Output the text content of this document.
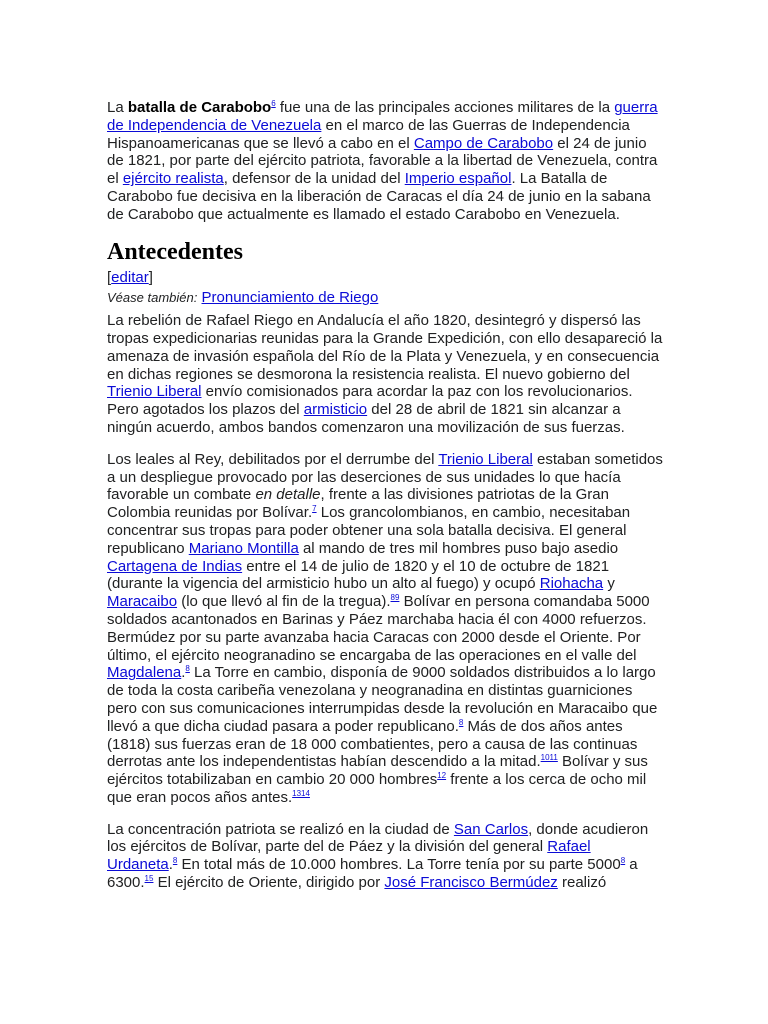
La batalla de Carabobo$^6$ fue una de las principales acciones militares de la guerra de Independencia de Venezuela en el marco de las Guerras de Independencia Hispanoamericanas que se llevó a cabo en el Campo de Carabobo el 24 de junio de 1821, por parte del ejército patriota, favorable a la libertad de Venezuela, contra el ejército realista, defensor de la unidad del Imperio español. La Batalla de Carabobo fue decisiva en la liberación de Caracas el día 24 de junio en la sabana de Carabobo que actualmente es llamado el estado Carabobo en Venezuela.

Antecedentes
[editar]
Véase también: Pronunciamiento de Riego

La rebelión de Rafael Riego en Andalucía el año 1820, desintegró y dispersó las tropas expedicionarias reunidas para la Grande Expedición, con ello desapareció la amenaza de invasión española del Río de la Plata y Venezuela, y en consecuencia en dichas regiones se desmorona la resistencia realista. El nuevo gobierno del Trienio Liberal envío comisionados para acordar la paz con los revolucionarios. Pero agotados los plazos del armisticio del 28 de abril de 1821 sin alcanzar a ningún acuerdo, ambos bandos comenzaron una movilización de sus fuerzas.

Los leales al Rey, debilitados por el derrumbe del Trienio Liberal estaban sometidos a un despliegue provocado por las deserciones de sus unidades lo que hacía favorable un combate en detalle, frente a las divisiones patriotas de la Gran Colombia reunidas por Bolívar.$^7$ Los grancolombianos, en cambio, necesitaban concentrar sus tropas para poder obtener una sola batalla decisiva. El general republicano Mariano Montilla al mando de tres mil hombres puso bajo asedio Cartagena de Indias entre el 14 de julio de 1820 y el 10 de octubre de 1821 (durante la vigencia del armisticio hubo un alto al fuego) y ocupó Riohacha y Maracaibo (lo que llevó al fin de la tregua).$^{89}$ Bolívar en persona comandaba 5000 soldados acantonados en Barinas y Páez marchaba hacia él con 4000 refuerzos. Bermúdez por su parte avanzaba hacia Caracas con 2000 desde el Oriente. Por último, el ejército neogranadino se encargaba de las operaciones en el valle del Magdalena.$^8$ La Torre en cambio, disponía de 9000 soldados distribuidos a lo largo de toda la costa caribeña venezolana y neogranadina en distintas guarniciones pero con sus comunicaciones interrumpidas desde la revolución en Maracaibo que llevó a que dicha ciudad pasara a poder republicano.$^8$ Más de dos años antes (1818) sus fuerzas eran de 18 000 combatientes, pero a causa de las continuas derrotas ante los independentistas habían descendido a la mitad.$^{1011}$ Bolívar y sus ejércitos totabilizaban en cambio 20 000 hombres$^{12}$ frente a los cerca de ocho mil que eran pocos años antes.$^{1314}$

La concentración patriota se realizó en la ciudad de San Carlos, donde acudieron los ejércitos de Bolívar, parte del de Páez y la división del general Rafael Urdaneta.$^8$ En total más de 10.000 hombres. La Torre tenía por su parte 5000$^8$ a 6300.15 El ejército de Oriente, dirigido por José Francisco Bermúdez realizó
